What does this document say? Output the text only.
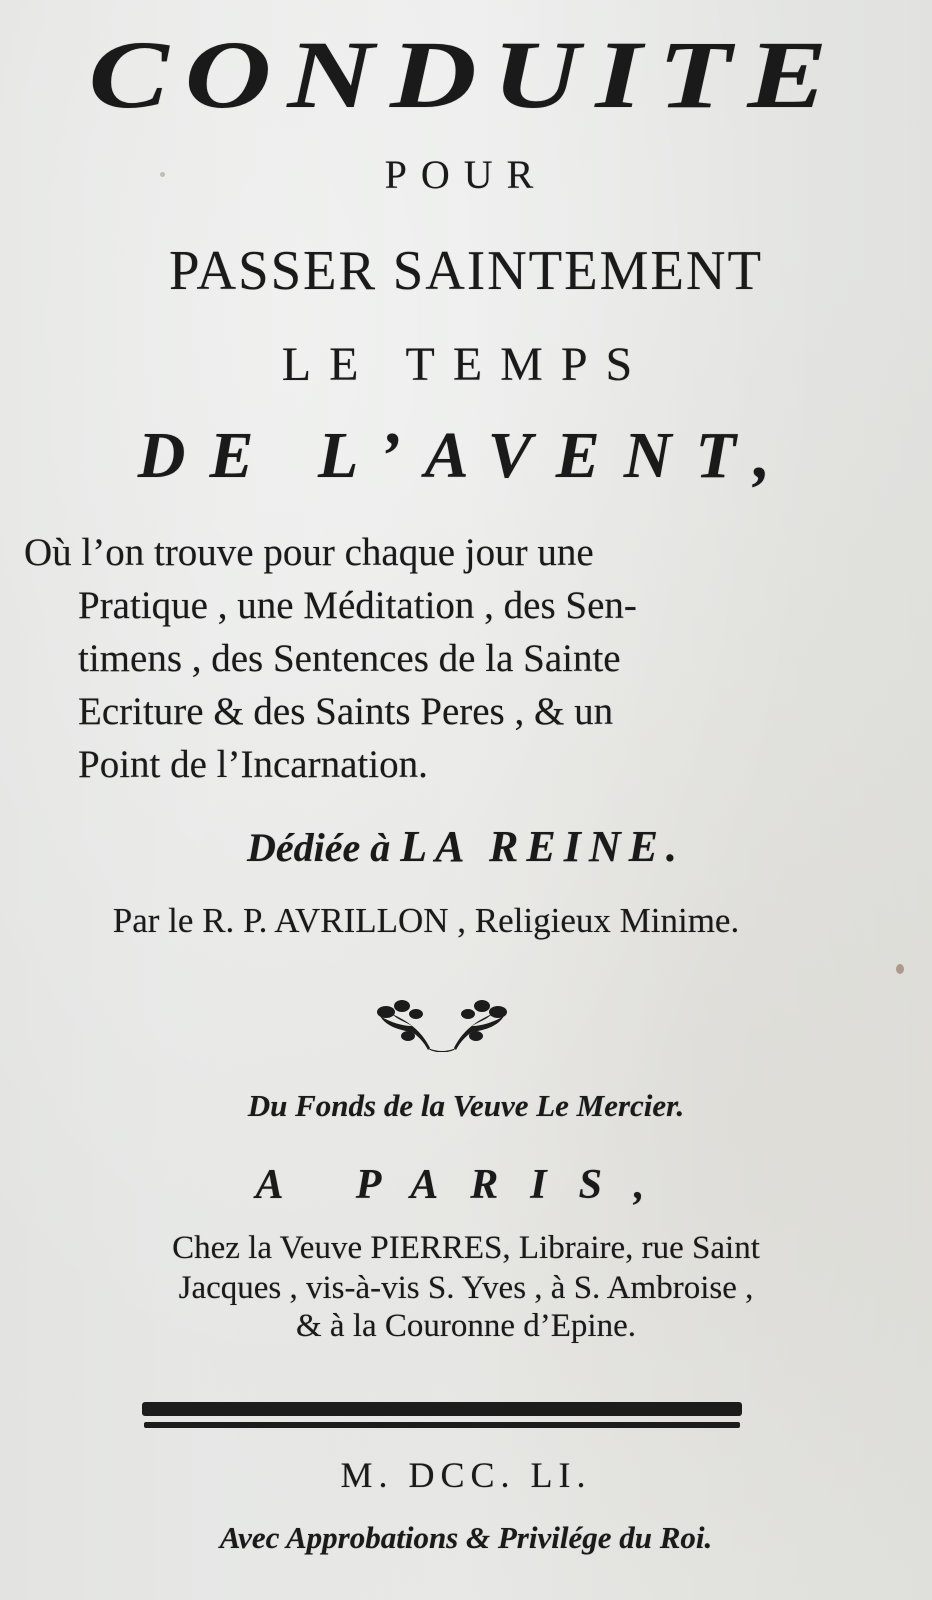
CONDUITE
POUR
PASSER SAINTEMENT
LE TEMPS
DE L’AVENT,
Où l’on trouve pour chaque jour une
Pratique , une Méditation , des Sen-
timens , des Sentences de la Sainte
Ecriture & des Saints Peres , & un
Point de l’Incarnation.
Dédiée à LA REINE.
Par le R. P. AVRILLON , Religieux Minime.
Du Fonds de la Veuve Le Mercier.
A PARIS,
Chez la Veuve PIERRES, Libraire, rue Saint
Jacques , vis-à-vis S. Yves , à S. Ambroise ,
& à la Couronne d’Epine.
M. DCC. LI.
Avec Approbations & Privilége du Roi.
